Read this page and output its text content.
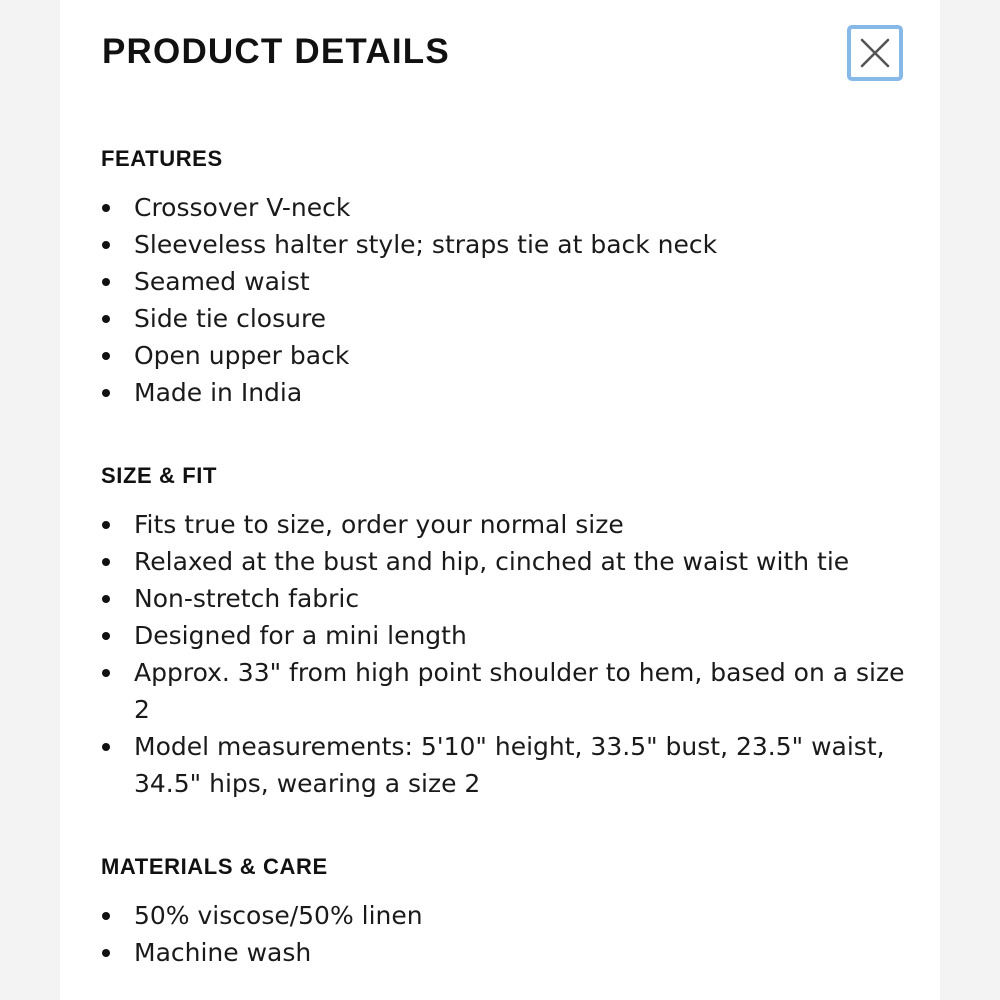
PRODUCT DETAILS
FEATURES
Crossover V-neck
Sleeveless halter style; straps tie at back neck
Seamed waist
Side tie closure
Open upper back
Made in India
SIZE & FIT
Fits true to size, order your normal size
Relaxed at the bust and hip, cinched at the waist with tie
Non-stretch fabric
Designed for a mini length
Approx. 33" from high point shoulder to hem, based on a size 2
Model measurements: 5'10" height, 33.5" bust, 23.5" waist, 34.5" hips, wearing a size 2
MATERIALS & CARE
50% viscose/50% linen
Machine wash
